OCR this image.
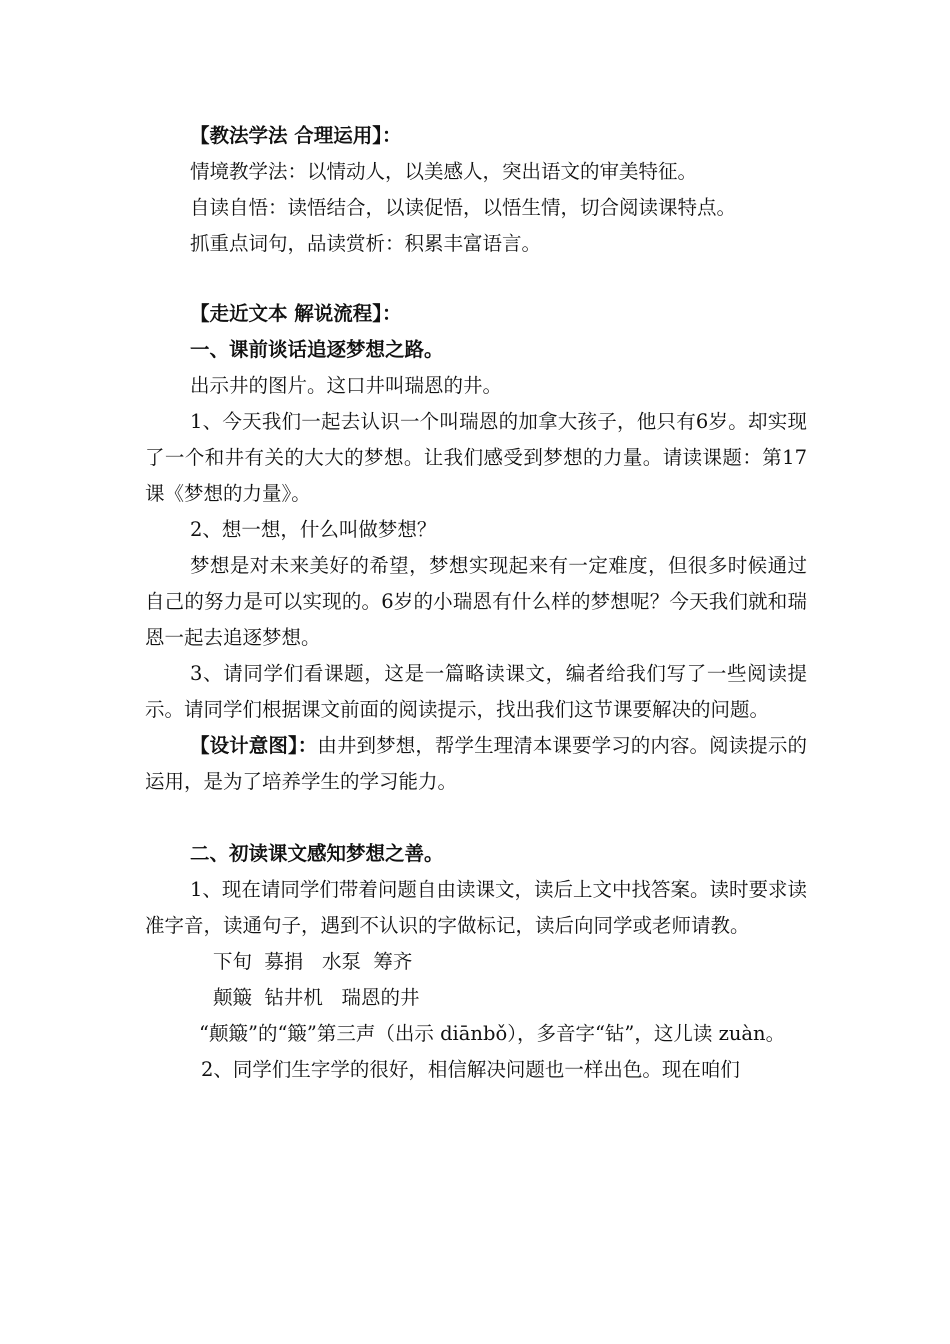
【教法学法 合理运用】：

情境教学法：以情动人，以美感人，突出语文的审美特征。

自读自悟：读悟结合，以读促悟，以悟生情，切合阅读课特点。

抓重点词句，品读赏析：积累丰富语言。

【走近文本 解说流程】：

一、课前谈话追逐梦想之路。

出示井的图片。这口井叫瑞恩的井。

1、今天我们一起去认识一个叫瑞恩的加拿大孩子，他只有6岁。却实现了一个和井有关的大大的梦想。让我们感受到梦想的力量。请读课题：第17课《梦想的力量》。

2、想一想，什么叫做梦想？

梦想是对未来美好的希望，梦想实现起来有一定难度，但很多时候通过自己的努力是可以实现的。6岁的小瑞恩有什么样的梦想呢？今天我们就和瑞恩一起去追逐梦想。

3、请同学们看课题，这是一篇略读课文，编者给我们写了一些阅读提示。请同学们根据课文前面的阅读提示，找出我们这节课要解决的问题。

【设计意图】：由井到梦想，帮学生理清本课要学习的内容。阅读提示的运用，是为了培养学生的学习能力。

二、初读课文感知梦想之善。

1、现在请同学们带着问题自由读课文，读后上文中找答案。读时要求读准字音，读通句子，遇到不认识的字做标记，读后向同学或老师请教。

下旬  募捐   水泵  筹齐

颠簸  钻井机   瑞恩的井

“颠簸”的“簸”第三声（出示 diānbǒ），多音字“钻”，这儿读 zuàn。

2、同学们生字学的很好，相信解决问题也一样出色。现在咱们
